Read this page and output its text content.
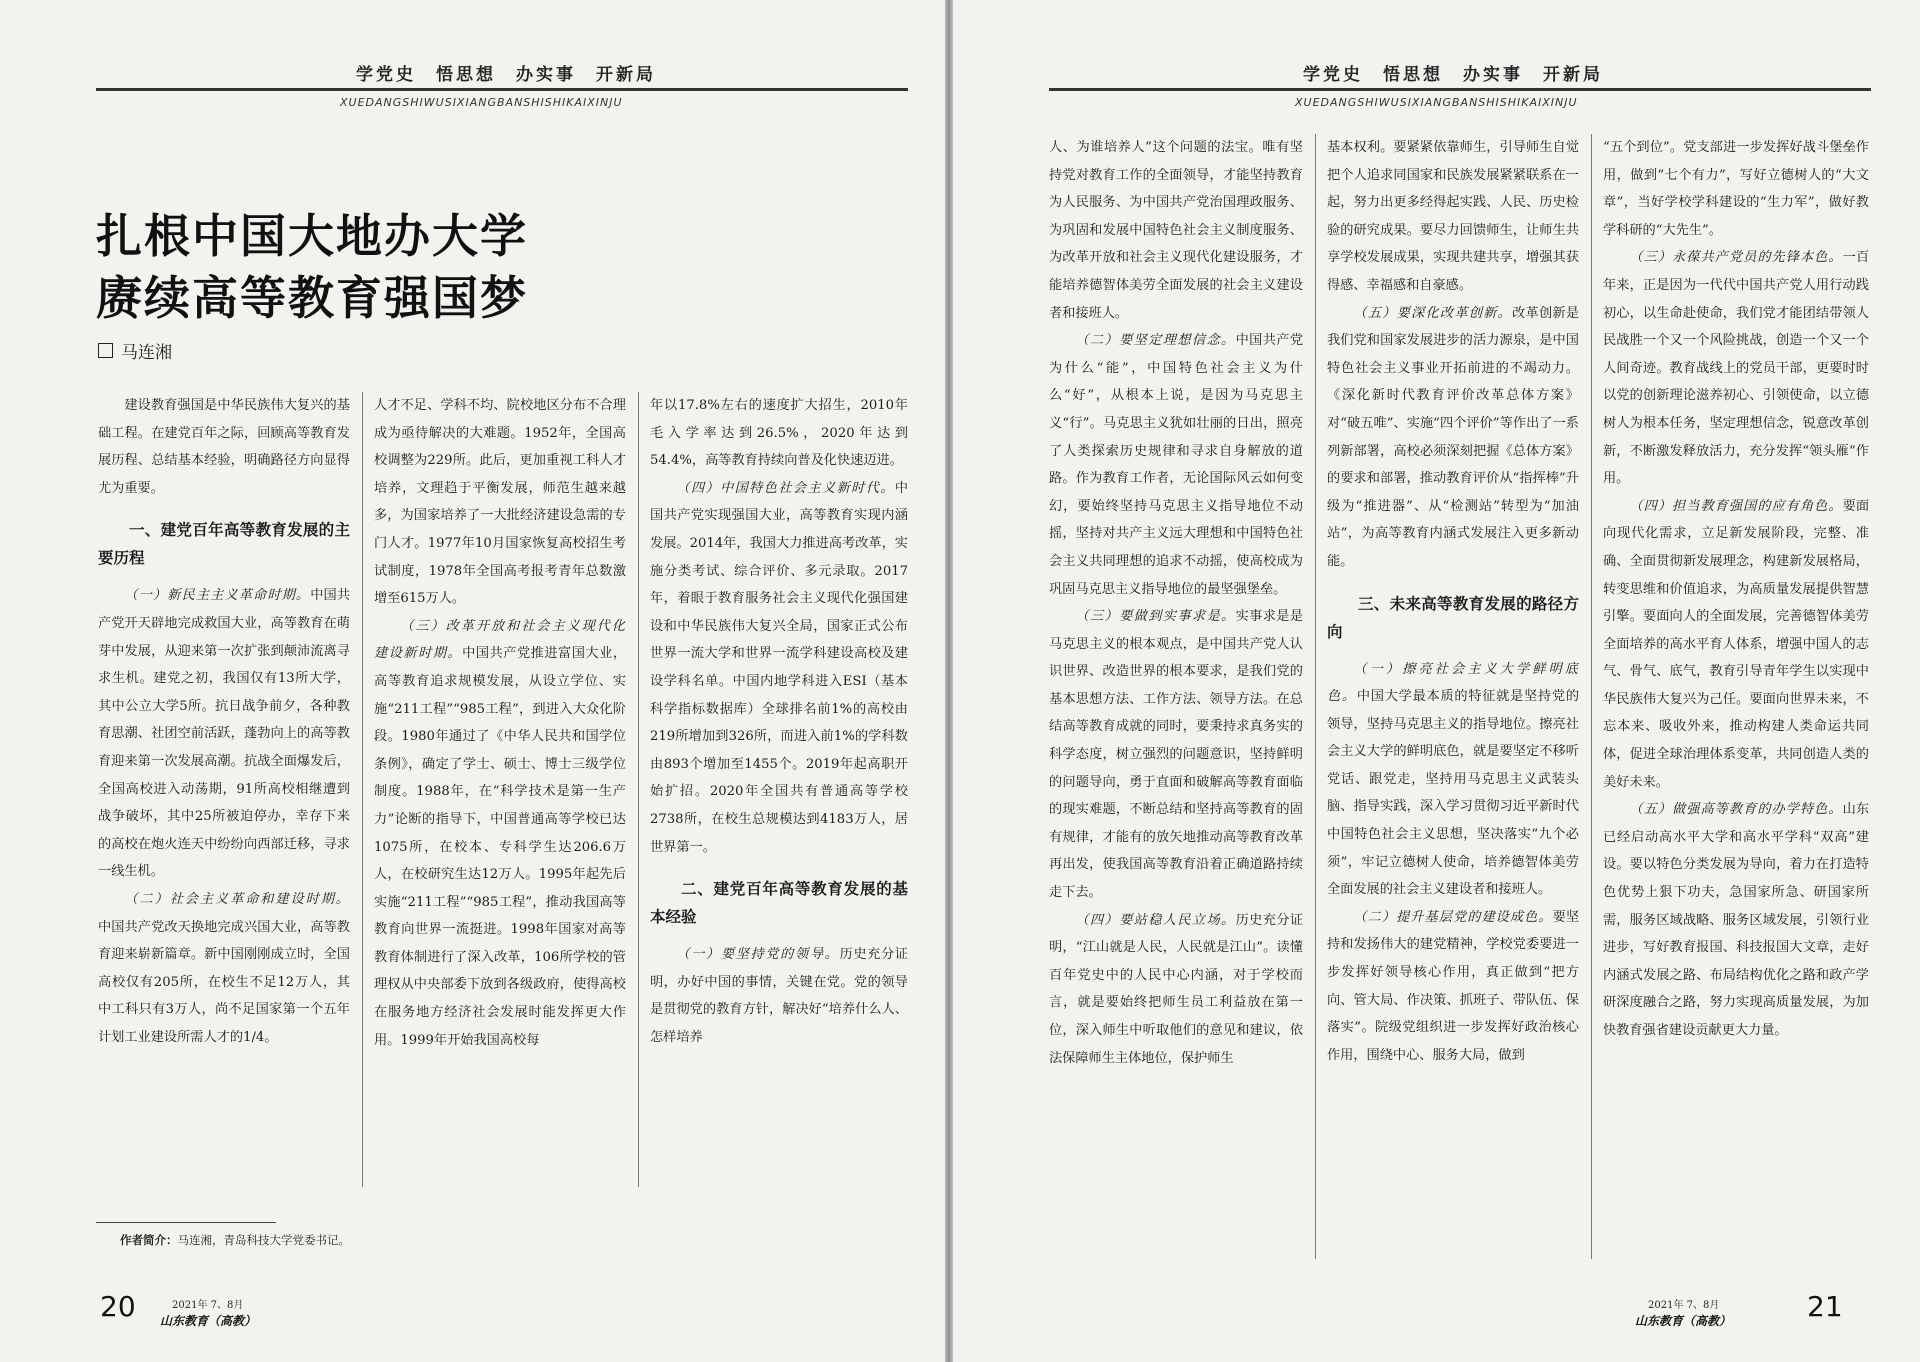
学党史　悟思想　办实事　开新局
XUEDANGSHIWUSIXIANGBANSHISHIKAIXINJU

扎根中国大地办大学
赓续高等教育强国梦
马连湘

建设教育强国是中华民族伟大复兴的基础工程。在建党百年之际，回顾高等教育发展历程、总结基本经验，明确路径方向显得尤为重要。

一、建党百年高等教育发展的主要历程

（一）新民主主义革命时期。中国共产党开天辟地完成救国大业，高等教育在萌芽中发展，从迎来第一次扩张到颠沛流离寻求生机。建党之初，我国仅有13所大学，其中公立大学5所。抗日战争前夕，各种教育思潮、社团空前活跃，蓬勃向上的高等教育迎来第一次发展高潮。抗战全面爆发后，全国高校进入动荡期，91所高校相继遭到战争破坏，其中25所被迫停办，幸存下来的高校在炮火连天中纷纷向西部迁移，寻求一线生机。

（二）社会主义革命和建设时期。中国共产党改天换地完成兴国大业，高等教育迎来崭新篇章。新中国刚刚成立时，全国高校仅有205所，在校生不足12万人，其中工科只有3万人，尚不足国家第一个五年计划工业建设所需人才的1/4。

人才不足、学科不均、院校地区分布不合理成为亟待解决的大难题。1952年，全国高校调整为229所。此后，更加重视工科人才培养，文理趋于平衡发展，师范生越来越多，为国家培养了一大批经济建设急需的专门人才。1977年10月国家恢复高校招生考试制度，1978年全国高考报考青年总数激增至615万人。

（三）改革开放和社会主义现代化建设新时期。中国共产党推进富国大业，高等教育追求规模发展，从设立学位、实施“211工程”“985工程”，到进入大众化阶段。1980年通过了《中华人民共和国学位条例》，确定了学士、硕士、博士三级学位制度。1988年，在“科学技术是第一生产力”论断的指导下，中国普通高等学校已达1075所，在校本、专科学生达206.6万人，在校研究生达12万人。1995年起先后实施“211工程”“985工程”，推动我国高等教育向世界一流挺进。1998年国家对高等教育体制进行了深入改革，106所学校的管理权从中央部委下放到各级政府，使得高校在服务地方经济社会发展时能发挥更大作用。1999年开始我国高校每

年以17.8%左右的速度扩大招生，2010年毛入学率达到26.5%，2020年达到54.4%，高等教育持续向普及化快速迈进。

（四）中国特色社会主义新时代。中国共产党实现强国大业，高等教育实现内涵发展。2014年，我国大力推进高考改革，实施分类考试、综合评价、多元录取。2017年，着眼于教育服务社会主义现代化强国建设和中华民族伟大复兴全局，国家正式公布世界一流大学和世界一流学科建设高校及建设学科名单。中国内地学科进入ESI（基本科学指标数据库）全球排名前1%的高校由219所增加到326所，而进入前1%的学科数由893个增加至1455个。2019年起高职开始扩招。2020年全国共有普通高等学校2738所，在校生总规模达到4183万人，居世界第一。

二、建党百年高等教育发展的基本经验

（一）要坚持党的领导。历史充分证明，办好中国的事情，关键在党。党的领导是贯彻党的教育方针，解决好“培养什么人、怎样培养

作者简介：马连湘，青岛科技大学党委书记。
20	2021年 7、8月
山东教育（高教）
学党史　悟思想　办实事　开新局
XUEDANGSHIWUSIXIANGBANSHISHIKAIXINJU

人、为谁培养人”这个问题的法宝。唯有坚持党对教育工作的全面领导，才能坚持教育为人民服务、为中国共产党治国理政服务、为巩固和发展中国特色社会主义制度服务、为改革开放和社会主义现代化建设服务，才能培养德智体美劳全面发展的社会主义建设者和接班人。

（二）要坚定理想信念。中国共产党为什么“能”，中国特色社会主义为什么“好”，从根本上说，是因为马克思主义“行”。马克思主义犹如壮丽的日出，照亮了人类探索历史规律和寻求自身解放的道路。作为教育工作者，无论国际风云如何变幻，要始终坚持马克思主义指导地位不动摇，坚持对共产主义远大理想和中国特色社会主义共同理想的追求不动摇，使高校成为巩固马克思主义指导地位的最坚强堡垒。

（三）要做到实事求是。实事求是是马克思主义的根本观点，是中国共产党人认识世界、改造世界的根本要求，是我们党的基本思想方法、工作方法、领导方法。在总结高等教育成就的同时，要秉持求真务实的科学态度，树立强烈的问题意识，坚持鲜明的问题导向，勇于直面和破解高等教育面临的现实难题，不断总结和坚持高等教育的固有规律，才能有的放矢地推动高等教育改革再出发，使我国高等教育沿着正确道路持续走下去。

（四）要站稳人民立场。历史充分证明，“江山就是人民，人民就是江山”。读懂百年党史中的人民中心内涵，对于学校而言，就是要始终把师生员工利益放在第一位，深入师生中听取他们的意见和建议，依法保障师生主体地位，保护师生

基本权利。要紧紧依靠师生，引导师生自觉把个人追求同国家和民族发展紧紧联系在一起，努力出更多经得起实践、人民、历史检验的研究成果。要尽力回馈师生，让师生共享学校发展成果，实现共建共享，增强其获得感、幸福感和自豪感。

（五）要深化改革创新。改革创新是我们党和国家发展进步的活力源泉，是中国特色社会主义事业开拓前进的不竭动力。《深化新时代教育评价改革总体方案》对“破五唯”、实施“四个评价”等作出了一系列新部署，高校必须深刻把握《总体方案》的要求和部署，推动教育评价从“指挥棒”升级为“推进器”、从“检测站”转型为“加油站”，为高等教育内涵式发展注入更多新动能。

三、未来高等教育发展的路径方向

（一）擦亮社会主义大学鲜明底色。中国大学最本质的特征就是坚持党的领导，坚持马克思主义的指导地位。擦亮社会主义大学的鲜明底色，就是要坚定不移听党话、跟党走，坚持用马克思主义武装头脑、指导实践，深入学习贯彻习近平新时代中国特色社会主义思想，坚决落实“九个必须”，牢记立德树人使命，培养德智体美劳全面发展的社会主义建设者和接班人。

（二）提升基层党的建设成色。要坚持和发扬伟大的建党精神，学校党委要进一步发挥好领导核心作用，真正做到“把方向、管大局、作决策、抓班子、带队伍、保落实”。院级党组织进一步发挥好政治核心作用，围绕中心、服务大局，做到

“五个到位”。党支部进一步发挥好战斗堡垒作用，做到“七个有力”，写好立德树人的“大文章”，当好学校学科建设的“生力军”，做好教学科研的“大先生”。

（三）永葆共产党员的先锋本色。一百年来，正是因为一代代中国共产党人用行动践初心，以生命赴使命，我们党才能团结带领人民战胜一个又一个风险挑战，创造一个又一个人间奇迹。教育战线上的党员干部，更要时时以党的创新理论滋养初心、引领使命，以立德树人为根本任务，坚定理想信念，锐意改革创新，不断激发释放活力，充分发挥“领头雁”作用。

（四）担当教育强国的应有角色。要面向现代化需求，立足新发展阶段，完整、准确、全面贯彻新发展理念，构建新发展格局，转变思维和价值追求，为高质量发展提供智慧引擎。要面向人的全面发展，完善德智体美劳全面培养的高水平育人体系，增强中国人的志气、骨气、底气，教育引导青年学生以实现中华民族伟大复兴为己任。要面向世界未来，不忘本来、吸收外来，推动构建人类命运共同体，促进全球治理体系变革，共同创造人类的美好未来。

（五）做强高等教育的办学特色。山东已经启动高水平大学和高水平学科“双高”建设。要以特色分类发展为导向，着力在打造特色优势上狠下功夫，急国家所急、研国家所需，服务区域战略、服务区域发展，引领行业进步，写好教育报国、科技报国大文章，走好内涵式发展之路、布局结构优化之路和政产学研深度融合之路，努力实现高质量发展，为加快教育强省建设贡献更大力量。

2021年 7、8月
山东教育（高教）	21
